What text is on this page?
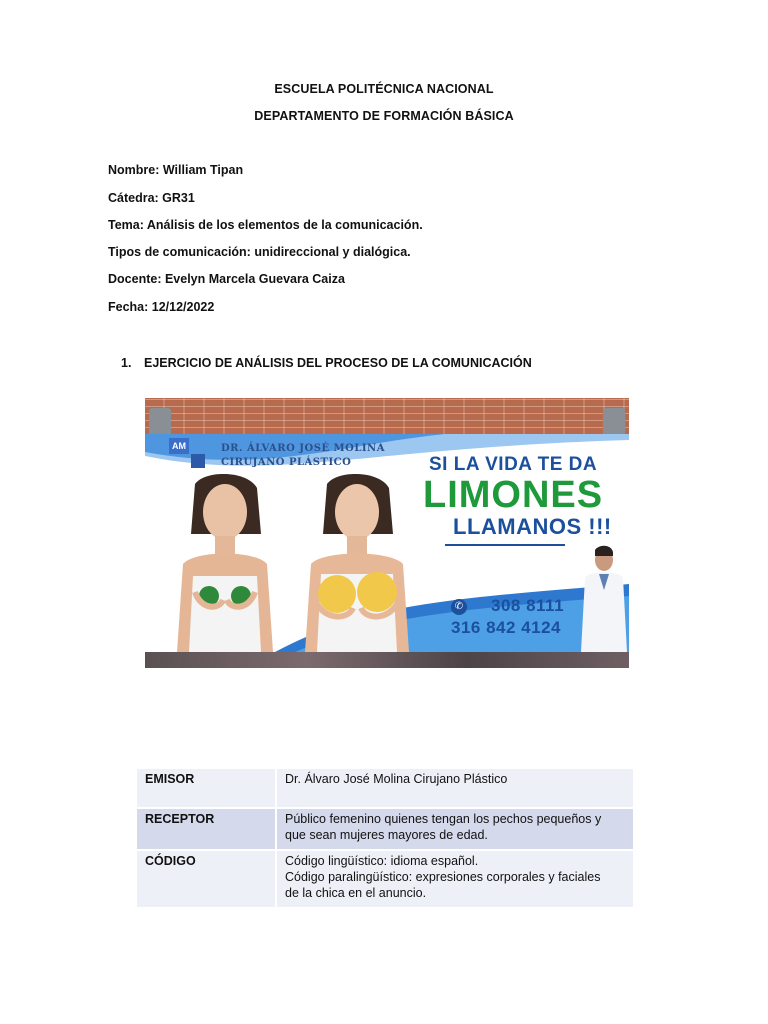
ESCUELA POLITÉCNICA NACIONAL
DEPARTAMENTO DE FORMACIÓN BÁSICA
Nombre: William Tipan
Cátedra: GR31
Tema: Análisis de los elementos de la comunicación.
Tipos de comunicación: unidireccional y dialógica.
Docente: Evelyn Marcela Guevara Caiza
Fecha: 12/12/2022
1. EJERCICIO DE ANÁLISIS DEL PROCESO DE LA COMUNICACIÓN
AM	DR. ÁLVARO JOSÉ MOLINA
CIRUJANO PLÁSTICO	SI LA VIDA TE DA
LIMONES
LLAMANOS !!!
✆ 308 8111
316 842 4124
EMISOR	Dr. Álvaro José Molina Cirujano Plástico

RECEPTOR	Público femenino quienes tengan los pechos pequeños y
que sean mujeres mayores de edad.

CÓDIGO	Código lingüístico: idioma español.
Código paralingüístico: expresiones corporales y faciales
de la chica en el anuncio.
